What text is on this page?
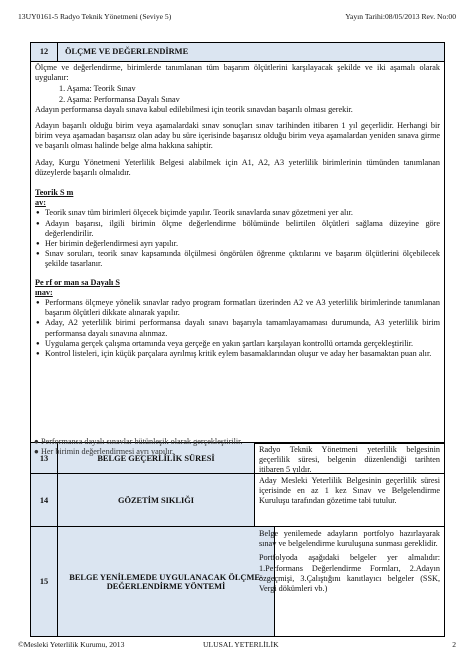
13UY0161-5 Radyo Teknik Yönetmeni (Seviye 5)	Yayın Tarihi:08/05/2013 Rev. No:00
12	ÖLÇME VE DEĞERLENDİRME

Ölçme ve değerlendirme, birimlerde tanımlanan tüm başarım ölçütlerini karşılayacak şekilde ve iki aşamalı olarak uygulanır:

1. Aşama: Teorik Sınav
2. Aşama: Performansa Dayalı Sınav

Adayın performansa dayalı sınava kabul edilebilmesi için teorik sınavdan başarılı olması gerekir.

Adayın başarılı olduğu birim veya aşamalardaki sınav sonuçları sınav tarihinden itibaren 1 yıl geçerlidir. Herhangi bir birim veya aşamadan başarısız olan aday bu süre içerisinde başarısız olduğu birim veya aşamalardan yeniden sınava girme ve başarılı olması halinde belge alma hakkına sahiptir.

Aday, Kurgu Yönetmeni Yeterlilik Belgesi alabilmek için A1, A2, A3 yeterlilik birimlerinin tümünden tanımlanan düzeylerde başarılı olmalıdır.

Teorik S m
av:
● Teorik sınav tüm birimleri ölçecek biçimde yapılır. Teorik sınavlarda sınav gözetmeni yer alır.
● Adayın başarısı, ilgili birimin ölçme değerlendirme bölümünde belirtilen ölçütleri sağlama düzeyine göre değerlendirilir.
● Her birimin değerlendirmesi ayrı yapılır.
● Sınav soruları, teorik sınav kapsamında ölçülmesi öngörülen öğrenme çıktılarını ve başarım ölçütlerini ölçebilecek şekilde tasarlanır.
Pe rf or man sa Dayalı S
ınav:
● Performans ölçmeye yönelik sınavlar radyo program formatları üzerinden A2 ve A3 yeterlilik birimlerinde tanımlanan başarım ölçütleri dikkate alınarak yapılır.
● Aday, A2 yeterlilik birimi performansa dayalı sınavı başarıyla tamamlayamaması durumunda, A3 yeterlilik birim performansa dayalı sınavına alınmaz.
● Uygulama gerçek çalışma ortamında veya gerçeğe en yakın şartları karşılayan kontrollü ortamda gerçekleştirilir.
● Kontrol listeleri, için küçük parçalara ayrılmış kritik eylem basamaklarından oluşur ve aday her basamaktan puan alır.
13	BELGE GEÇERLİLİK SÜRESİ

Radyo Teknik Yönetmeni yeterlilik belgesinin geçerlilik süresi, belgenin düzenlendiği tarihten itibaren 5 yıldır.

14	GÖZETİM SIKLIĞI

Aday Mesleki Yeterlilik Belgesinin geçerlilik süresi içerisinde en az 1 kez Sınav ve Belgelendirme Kuruluşu tarafından gözetime tabi tutulur.

15	BELGE YENİLEMEDE UYGULANACAK ÖLÇME-DEĞERLENDİRME YÖNTEMİ

Belge yenilemede adayların portfolyo hazırlayarak sınav ve belgelendirme kuruluşuna sunması gereklidir.

Portfolyoda aşağıdaki belgeler yer almalıdır: 1.Performans Değerlendirme Formları, 2.Adayın özgeçmişi, 3.Çalıştığını kanıtlayıcı belgeler (SSK, Vergi dökümleri vb.)

● Performansa dayalı sınavlar bütünleşik olarak gerçekleştirilir.
● Her birimin değerlendirmesi ayrı yapılır.
©Mesleki Yeterlilik Kurumu, 2013	ULUSAL YETERLİLİK	2
